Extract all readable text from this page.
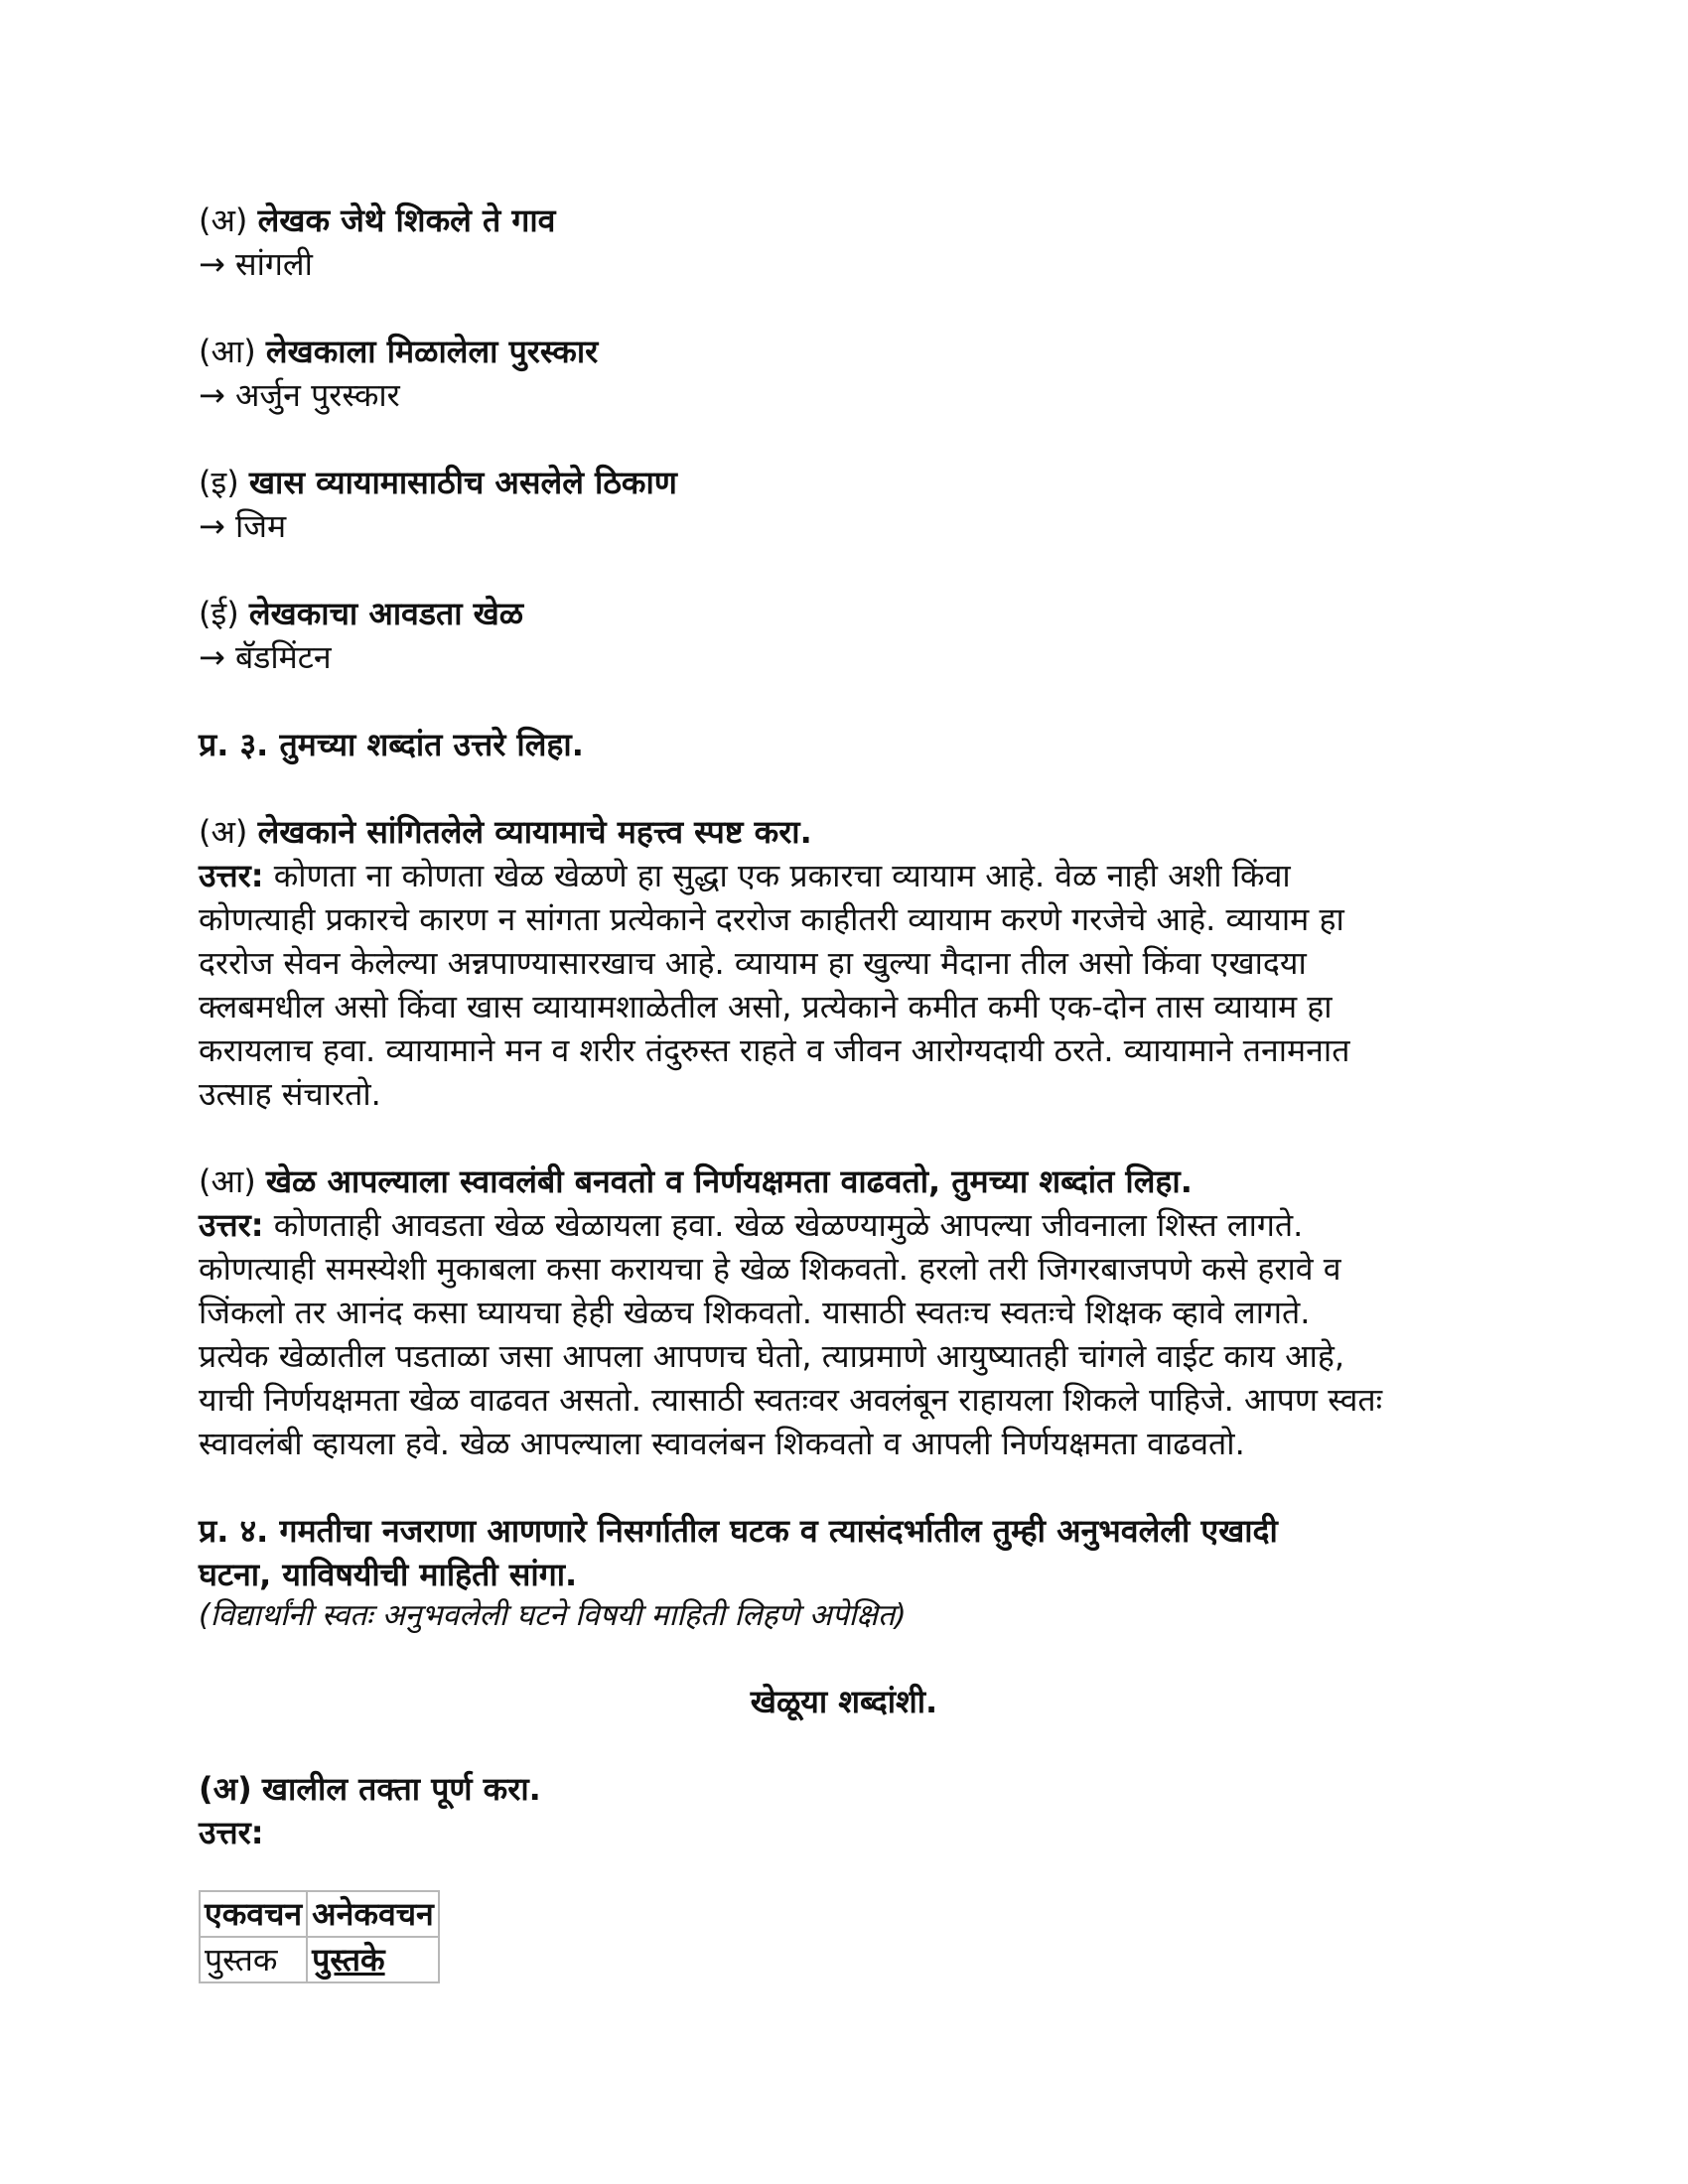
(अ) लेखक जेथे शिकले ते गाव

→ सांगली

(आ) लेखकाला मिळालेला पुरस्कार

→ अर्जुन पुरस्कार

(इ) खास व्यायामासाठीच असलेले ठिकाण

→ जिम

(ई) लेखकाचा आवडता खेळ

→ बॅडमिंटन

प्र. ३. तुमच्या शब्दांत उत्तरे लिहा.

(अ) लेखकाने सांगितलेले व्यायामाचे महत्त्व स्पष्ट करा.

उत्तर: कोणता ना कोणता खेळ खेळणे हा सुद्धा एक प्रकारचा व्यायाम आहे. वेळ नाही अशी किंवा

कोणत्याही प्रकारचे कारण न सांगता प्रत्येकाने दररोज काहीतरी व्यायाम करणे गरजेचे आहे. व्यायाम हा

दररोज सेवन केलेल्या अन्नपाण्यासारखाच आहे. व्यायाम हा खुल्या मैदाना तील असो किंवा एखादया

क्लबमधील असो किंवा खास व्यायामशाळेतील असो, प्रत्येकाने कमीत कमी एक-दोन तास व्यायाम हा

करायलाच हवा. व्यायामाने मन व शरीर तंदुरुस्त राहते व जीवन आरोग्यदायी ठरते. व्यायामाने तनामनात

उत्साह संचारतो.

(आ) खेळ आपल्याला स्वावलंबी बनवतो व निर्णयक्षमता वाढवतो, तुमच्या शब्दांत लिहा.

उत्तर: कोणताही आवडता खेळ खेळायला हवा. खेळ खेळण्यामुळे आपल्या जीवनाला शिस्त लागते.

कोणत्याही समस्येशी मुकाबला कसा करायचा हे खेळ शिकवतो. हरलो तरी जिगरबाजपणे कसे हरावे व

जिंकलो तर आनंद कसा घ्यायचा हेही खेळच शिकवतो. यासाठी स्वतःच स्वतःचे शिक्षक व्हावे लागते.

प्रत्येक खेळातील पडताळा जसा आपला आपणच घेतो, त्याप्रमाणे आयुष्यातही चांगले वाईट काय आहे,

याची निर्णयक्षमता खेळ वाढवत असतो. त्यासाठी स्वतःवर अवलंबून राहायला शिकले पाहिजे. आपण स्वतः

स्वावलंबी व्हायला हवे. खेळ आपल्याला स्वावलंबन शिकवतो व आपली निर्णयक्षमता वाढवतो.

प्र. ४. गमतीचा नजराणा आणणारे निसर्गातील घटक व त्यासंदर्भातील तुम्ही अनुभवलेली एखादी

घटना, याविषयीची माहिती सांगा.

(विद्यार्थांनी स्वतः अनुभवलेली घटने विषयी माहिती लिहणे अपेक्षित)

खेळूया शब्दांशी.

(अ) खालील तक्ता पूर्ण करा.

उत्तर:

एकवचन	अनेकवचन
पुस्तक	पुस्तके
